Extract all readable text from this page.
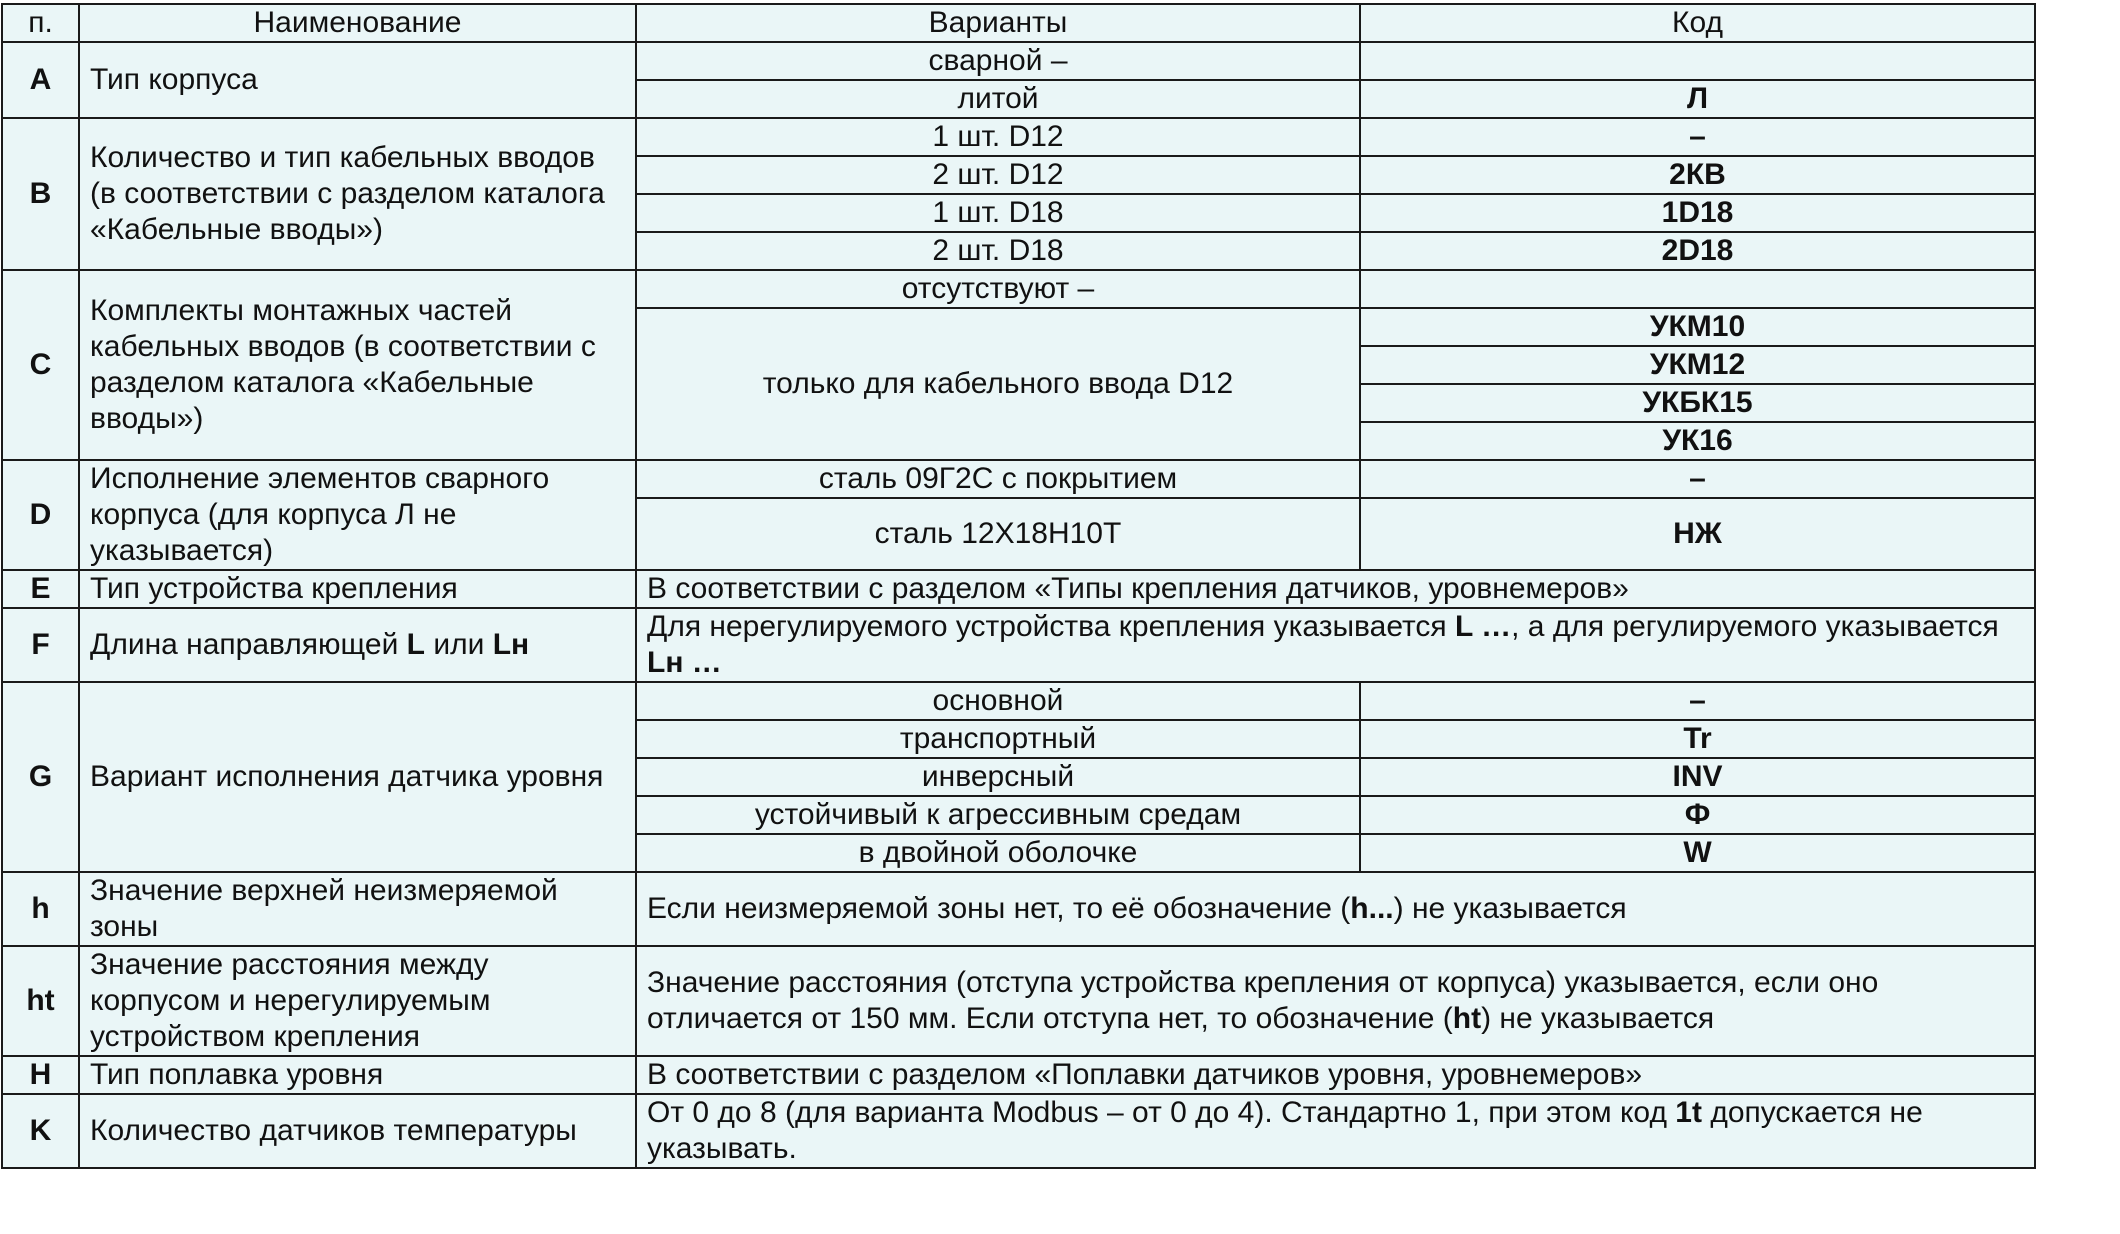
п.	Наименование	Варианты	Код
A	Тип корпуса	сварной –	
		литой	Л
B	Количество и тип кабельных вводов (в соответствии с разделом каталога «Кабельные вводы»)	1 шт. D12	–
		2 шт. D12	2КВ
		1 шт. D18	1D18
		2 шт. D18	2D18
C	Комплекты монтажных частей кабельных вводов (в соответствии с разделом каталога «Кабельные вводы»)	отсутствуют –	
		только для кабельного ввода D12	УКМ10
			УКМ12
			УКБК15
			УК16
D	Исполнение элементов сварного корпуса (для корпуса Л не указывается)	сталь 09Г2С с покрытием	–
		сталь 12Х18Н10Т	НЖ
E	Тип устройства крепления	В соответствии с разделом «Типы крепления датчиков, уровнемеров»	
F	Длина направляющей L или Lн	Для нерегулируемого устройства крепления указывается L …, а для регулируемого указывается Lн …	
G	Вариант исполнения датчика уровня	основной	–
		транспортный	Tr
		инверсный	INV
		устойчивый к агрессивным средам	Ф
		в двойной оболочке	W
h	Значение верхней неизмеряемой зоны	Если неизмеряемой зоны нет, то её обозначение (h...) не указывается	
ht	Значение расстояния между корпусом и нерегулируемым устройством крепления	Значение расстояния (отступа устройства крепления от корпуса) указывается, если оно отличается от 150 мм. Если отступа нет, то обозначение (ht) не указывается	
H	Тип поплавка уровня	В соответствии с разделом «Поплавки датчиков уровня, уровнемеров»	
K	Количество датчиков температуры	От 0 до 8 (для варианта Modbus – от 0 до 4). Стандартно 1, при этом код 1t допускается не указывать.	
